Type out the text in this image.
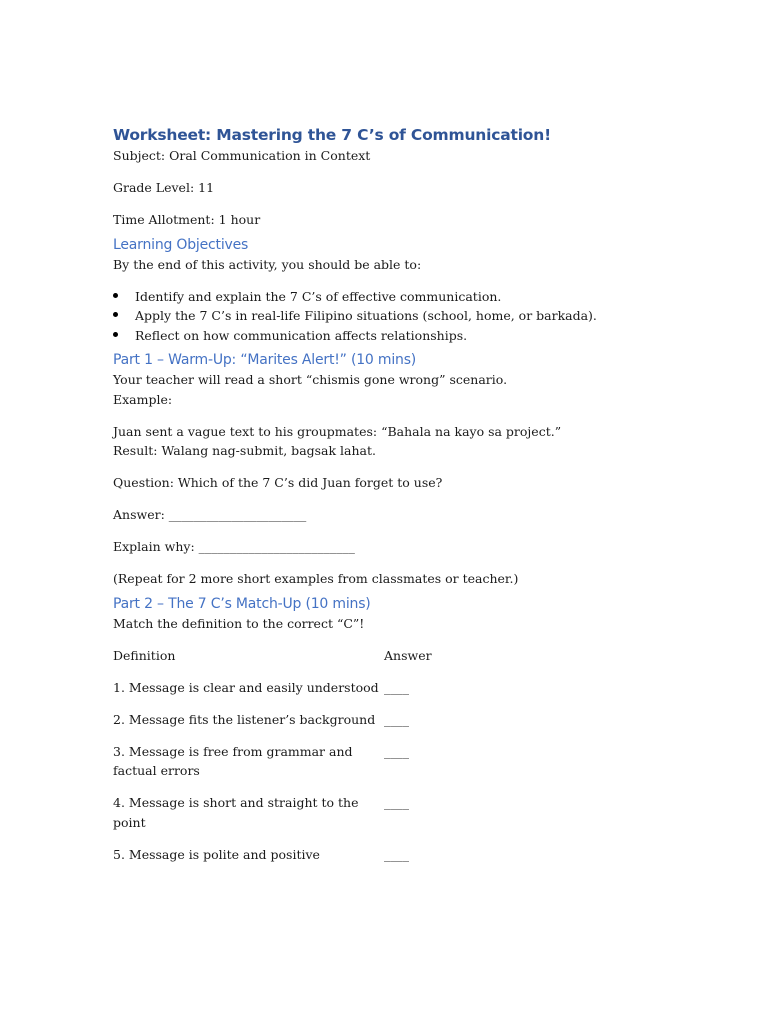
Worksheet: Mastering the 7 C’s of Communication!

Subject: Oral Communication in Context

Grade Level: 11

Time Allotment: 1 hour

Learning Objectives

By the end of this activity, you should be able to:

Identify and explain the 7 C’s of effective communication.
Apply the 7 C’s in real-life Filipino situations (school, home, or barkada).
Reflect on how communication affects relationships.
Part 1 – Warm-Up: “Marites Alert!” (10 mins)

Your teacher will read a short “chismis gone wrong” scenario.

Example:

Juan sent a vague text to his groupmates: “Bahala na kayo sa project.”

Result: Walang nag-submit, bagsak lahat.

Question: Which of the 7 C’s did Juan forget to use?

Answer: ______________________

Explain why: _________________________

(Repeat for 2 more short examples from classmates or teacher.)

Part 2 – The 7 C’s Match-Up (10 mins)

Match the definition to the correct “C”!

Definition	Answer

1. Message is clear and easily understood	____

2. Message fits the listener’s background	____

3. Message is free from grammar and factual errors	____

4. Message is short and straight to the point	____

5. Message is polite and positive	____
